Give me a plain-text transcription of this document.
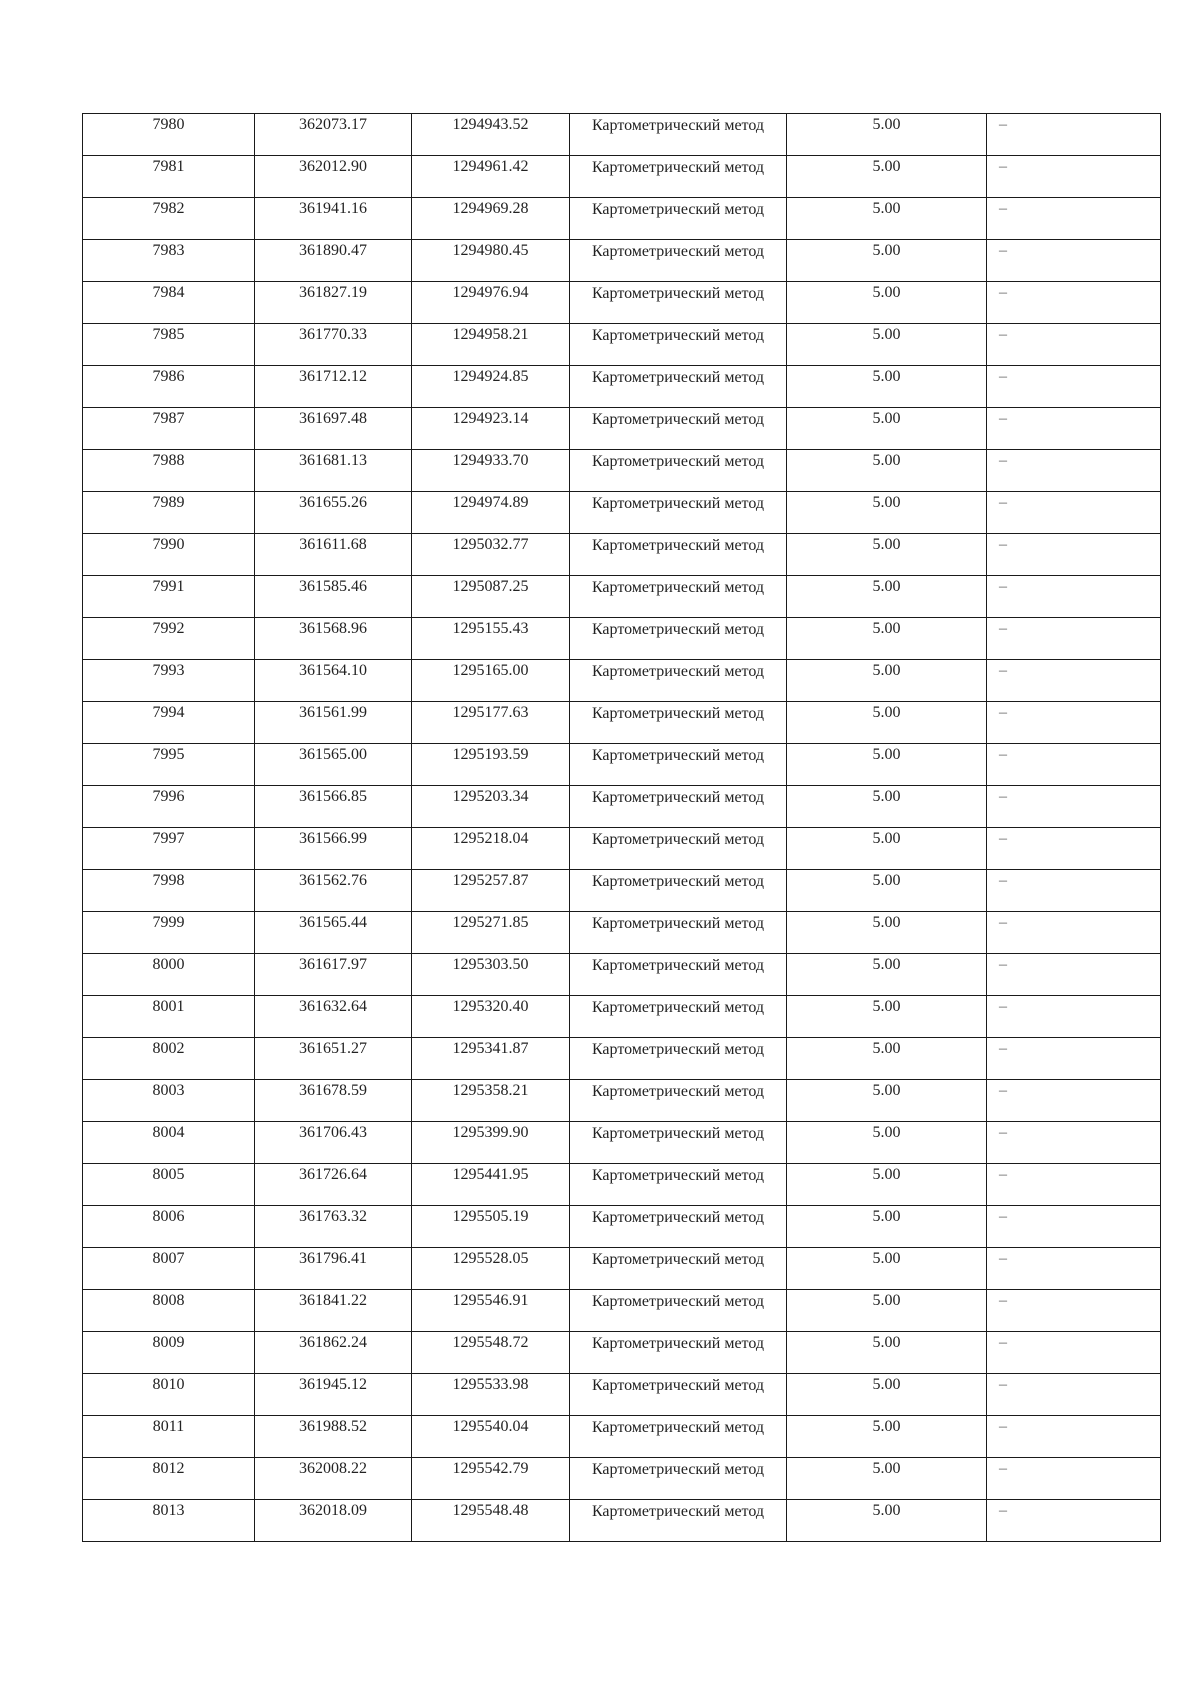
7980	362073.17	1294943.52	Картометрический метод	5.00	–

7981	362012.90	1294961.42	Картометрический метод	5.00	–

7982	361941.16	1294969.28	Картометрический метод	5.00	–

7983	361890.47	1294980.45	Картометрический метод	5.00	–

7984	361827.19	1294976.94	Картометрический метод	5.00	–

7985	361770.33	1294958.21	Картометрический метод	5.00	–

7986	361712.12	1294924.85	Картометрический метод	5.00	–

7987	361697.48	1294923.14	Картометрический метод	5.00	–

7988	361681.13	1294933.70	Картометрический метод	5.00	–

7989	361655.26	1294974.89	Картометрический метод	5.00	–

7990	361611.68	1295032.77	Картометрический метод	5.00	–

7991	361585.46	1295087.25	Картометрический метод	5.00	–

7992	361568.96	1295155.43	Картометрический метод	5.00	–

7993	361564.10	1295165.00	Картометрический метод	5.00	–

7994	361561.99	1295177.63	Картометрический метод	5.00	–

7995	361565.00	1295193.59	Картометрический метод	5.00	–

7996	361566.85	1295203.34	Картометрический метод	5.00	–

7997	361566.99	1295218.04	Картометрический метод	5.00	–

7998	361562.76	1295257.87	Картометрический метод	5.00	–

7999	361565.44	1295271.85	Картометрический метод	5.00	–

8000	361617.97	1295303.50	Картометрический метод	5.00	–

8001	361632.64	1295320.40	Картометрический метод	5.00	–

8002	361651.27	1295341.87	Картометрический метод	5.00	–

8003	361678.59	1295358.21	Картометрический метод	5.00	–

8004	361706.43	1295399.90	Картометрический метод	5.00	–

8005	361726.64	1295441.95	Картометрический метод	5.00	–

8006	361763.32	1295505.19	Картометрический метод	5.00	–

8007	361796.41	1295528.05	Картометрический метод	5.00	–

8008	361841.22	1295546.91	Картометрический метод	5.00	–

8009	361862.24	1295548.72	Картометрический метод	5.00	–

8010	361945.12	1295533.98	Картометрический метод	5.00	–

8011	361988.52	1295540.04	Картометрический метод	5.00	–

8012	362008.22	1295542.79	Картометрический метод	5.00	–

8013	362018.09	1295548.48	Картометрический метод	5.00	–
